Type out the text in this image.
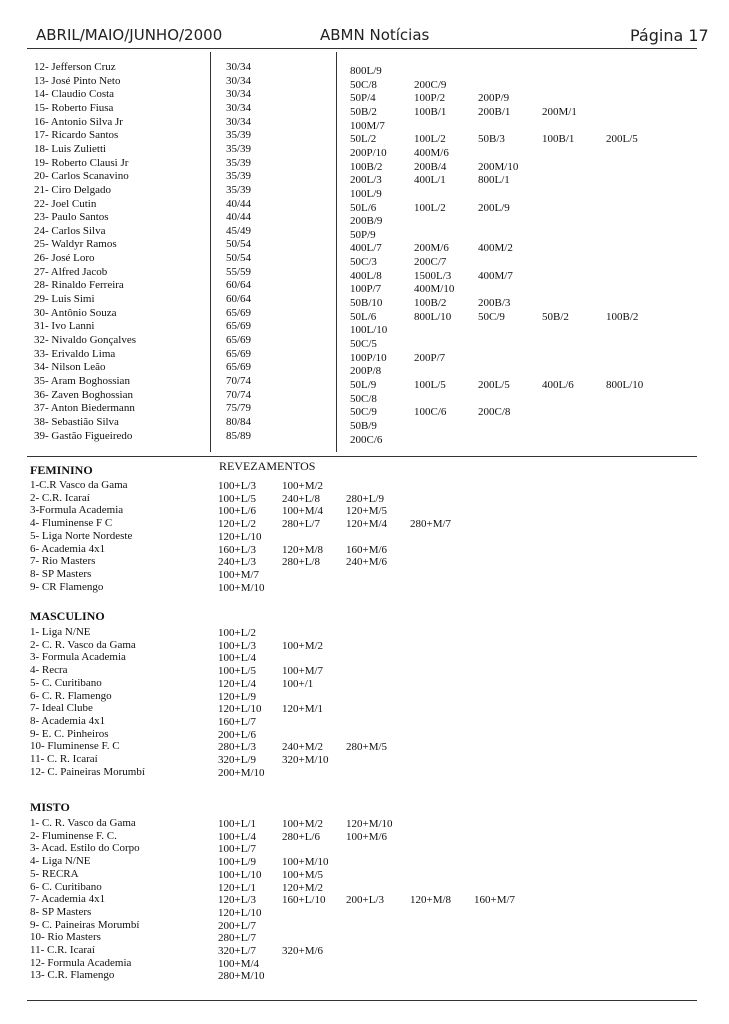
ABRIL/MAIO/JUNHO/2000	ABMN Notícias	Página 17
12- Jefferson Cruz	30/34	800L/9
13- José Pinto Neto	30/34	50C/8	200C/9
14- Claudio Costa	30/34	50P/4	100P/2	200P/9
15- Roberto Fiusa	30/34	50B/2	100B/1	200B/1	200M/1
16- Antonio Silva Jr	30/34	100M/7
17- Ricardo Santos	35/39	50L/2	100L/2	50B/3	100B/1	200L/5
18- Luis Zulietti	35/39	200P/10 400M/6
19- Roberto Clausi Jr	35/39	100B/2	200B/4	200M/10
20- Carlos Scanavino	35/39	200L/3	400L/1	800L/1
21- Ciro Delgado	35/39	100L/9
22- Joel Cutin	40/44	50L/6	100L/2	200L/9
23- Paulo Santos	40/44	200B/9
24- Carlos Silva	45/49	50P/9
25- Waldyr Ramos	50/54	400L/7	200M/6	400M/2
26- José Loro	50/54	50C/3	200C/7
27- Alfred Jacob	55/59	400L/8	1500L/3 400M/7
28- Rinaldo Ferreira	60/64	100P/7	400M/10
29- Luis Simi	60/64	50B/10	100B/2	200B/3
30- Antônio Souza	65/69	50L/6	800L/10 50C/9	50B/2	100B/2
31- Ivo Lanni	65/69	100L/10
32- Nivaldo Gonçalves	65/69	50C/5
33- Erivaldo Lima	65/69	100P/10 200P/7
34- Nilson Leão	65/69	200P/8
35- Aram Boghossian	70/74	50L/9	100L/5	200L/5	400L/6	800L/10
36- Zaven Boghossian	70/74	50C/8
37- Anton Biedermann	75/79	50C/9	100C/6	200C/8
38- Sebastião Silva	80/84	50B/9
39- Gastão Figueiredo	85/89	200C/6
REVEZAMENTOS
FEMININO
1-C.R Vasco da Gama	100+L/3 100+M/2
2- C.R. Icaraí	100+L/5 240+L/8 280+L/9
3-Formula Academia	100+L/6 100+M/4 120+M/5
4- Fluminense F C	120+L/2 280+L/7 120+M/4 280+M/7
5- Liga Norte Nordeste	120+L/10
6- Academia 4x1	160+L/3 120+M/8 160+M/6
7- Rio Masters	240+L/3 280+L/8 240+M/6
8- SP Masters	100+M/7
9- CR Flamengo	100+M/10
MASCULINO
1- Liga N/NE	100+L/2
2- C. R. Vasco da Gama	100+L/3 100+M/2
3- Formula Academia	100+L/4
4- Recra	100+L/5 100+M/7
5- C. Curitibano	120+L/4 100+/1
6- C. R. Flamengo	120+L/9
7- Ideal Clube	120+L/10 120+M/1
8- Academia 4x1	160+L/7
9- E. C. Pinheiros	200+L/6
10- Fluminense F. C	280+L/3 240+M/2 280+M/5
11- C. R. Icaraí	320+L/9 320+M/10
12- C. Paineiras Morumbí	200+M/10
MISTO
1- C. R. Vasco da Gama	100+L/1 100+M/2 120+M/10
2- Fluminense F. C.	100+L/4 280+L/6 100+M/6
3- Acad. Estilo do Corpo	100+L/7
4- Liga N/NE	100+L/9 100+M/10
5- RECRA	100+L/10 100+M/5
6- C. Curitibano	120+L/1 120+M/2
7- Academia 4x1	120+L/3 160+L/10 200+L/3 120+M/8 160+M/7
8- SP Masters	120+L/10
9- C. Paineiras Morumbí	200+L/7
10- Rio Masters	280+L/7
11- C.R. Icaraí	320+L/7 320+M/6
12- Formula Academia	100+M/4
13- C.R. Flamengo	280+M/10
